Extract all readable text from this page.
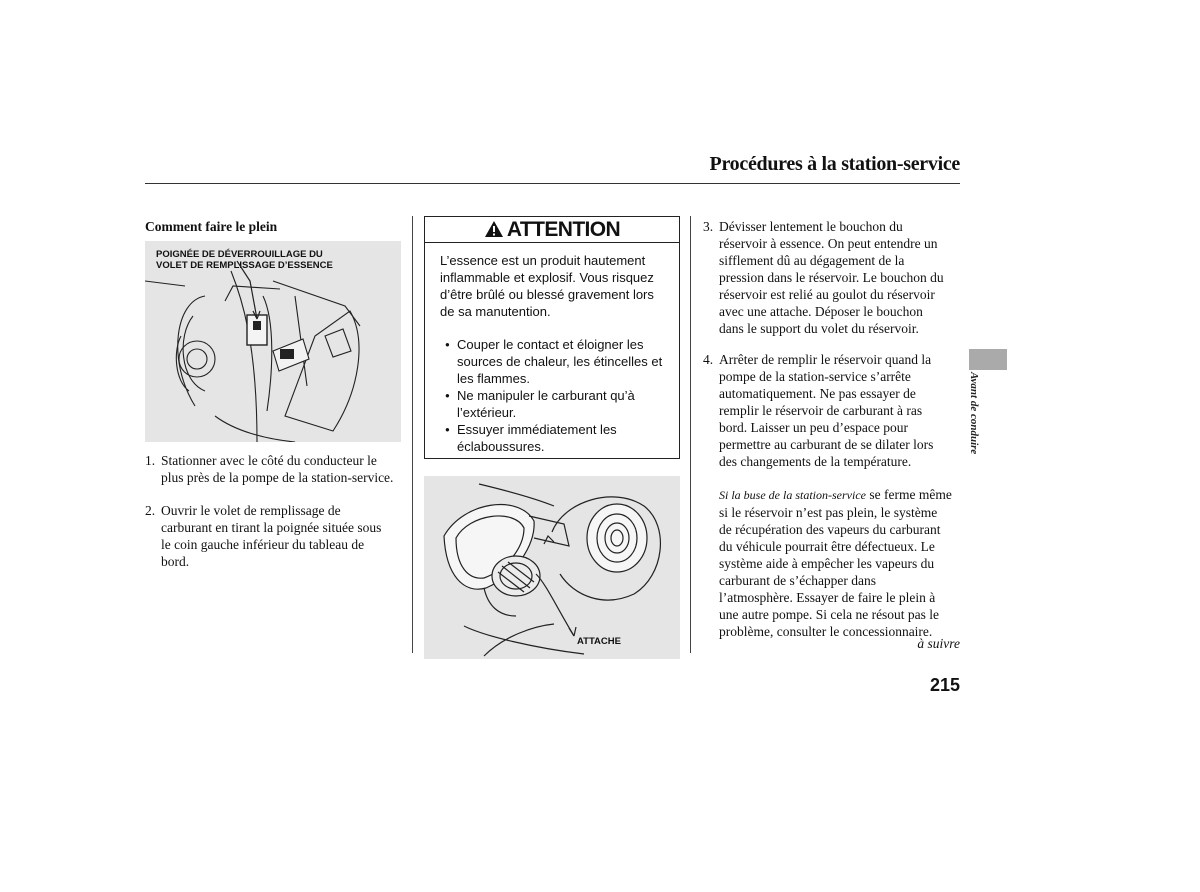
Procédures à la station-service
Comment faire le plein
POIGNÉE DE DÉVERROUILLAGE DU
VOLET DE REMPLISSAGE D’ESSENCE
1. Stationner avec le côté du conducteur le
plus près de la pompe de la station-service.
2. Ouvrir le volet de remplissage de
carburant en tirant la poignée située sous
le coin gauche inférieur du tableau de
bord.
ATTENTION
L’essence est un produit hautement
inflammable et explosif. Vous risquez
d’être brûlé ou blessé gravement lors
de sa manutention.
● Couper le contact et éloigner les
sources de chaleur, les étincelles et
les flammes.
● Ne manipuler le carburant qu’à
l’extérieur.
● Essuyer immédiatement les
éclaboussures.
ATTACHE
3. Dévisser lentement le bouchon du
réservoir à essence. On peut entendre un
sifflement dû au dégagement de la
pression dans le réservoir. Le bouchon du
réservoir est relié au goulot du réservoir
avec une attache. Déposer le bouchon
dans le support du volet du réservoir.
4. Arrêter de remplir le réservoir quand la
pompe de la station-service s’arrête
automatiquement. Ne pas essayer de
remplir le réservoir de carburant à ras
bord. Laisser un peu d’espace pour
permettre au carburant de se dilater lors
des changements de la température.
Si la buse de la station-service se ferme même
si le réservoir n’est pas plein, le système
de récupération des vapeurs du carburant
du véhicule pourrait être défectueux. Le
système aide à empêcher les vapeurs du
carburant de s’échapper dans
l’atmosphère. Essayer de faire le plein à
une autre pompe. Si cela ne résout pas le
problème, consulter le concessionnaire.
à suivre
215
Avant de conduire
